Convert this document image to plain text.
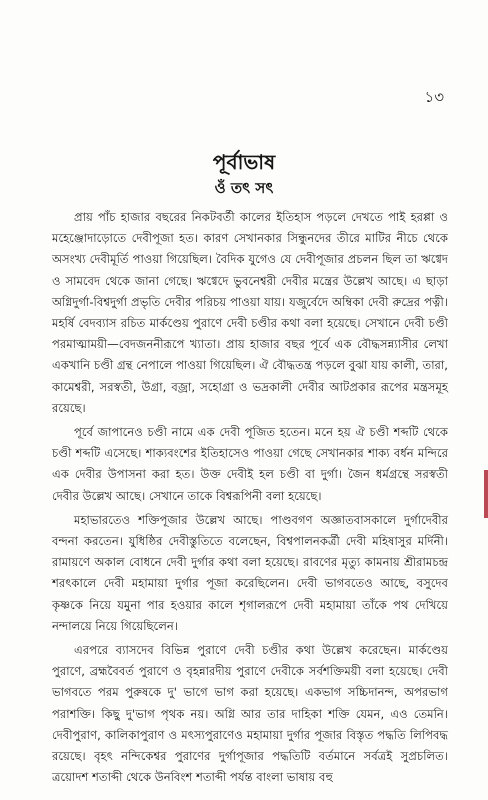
১৩
পূর্বাভাষ
ওঁ তৎ সৎ

প্রায় পাঁচ হাজার বছরের নিকটবর্তী কালের ইতিহাস পড়লে দেখতে পাই হরপ্পা ও মহেঞ্জোদাড়োতে দেবীপূজা হত। কারণ সেখানকার সিন্ধুনদের তীরে মাটির নীচে থেকে অসংখ্য দেবীমূর্তি পাওয়া গিয়েছিল। বৈদিক যুগেও যে দেবীপূজার প্রচলন ছিল তা ঋগ্বেদ ও সামবেদ থেকে জানা গেছে। ঋগ্বেদে ভুবনেশ্বরী দেবীর মন্ত্রের উল্লেখ আছে। এ ছাড়া অগ্নিদুর্গা-বিশ্বদুর্গা প্রভৃতি দেবীর পরিচয় পাওয়া যায়। যজুর্বেদে অম্বিকা দেবী রুদ্রের পত্নী। মহর্ষি বেদব্যাস রচিত মার্কণ্ডেয় পুরাণে দেবী চণ্ডীর কথা বলা হয়েছে। সেখানে দেবী চণ্ডী পরমাত্মাময়ী—বেদজননীরূপে খ্যাতা। প্রায় হাজার বছর পূর্বে এক বৌদ্ধসন্ন্যাসীর লেখা একখানি চণ্ডী গ্রন্থ নেপালে পাওয়া গিয়েছিল। ঐ বৌদ্ধতন্ত্র পড়লে বুঝা যায় কালী, তারা, কামেশ্বরী, সরস্বতী, উগ্রা, বজ্রা, সহোগ্রা ও ভদ্রকালী দেবীর আটপ্রকার রূপের মন্ত্রসমূহ রয়েছে।

পূর্বে জাপানেও চণ্ডী নামে এক দেবী পূজিত হতেন। মনে হয় ঐ চণ্ডী শব্দটি থেকে চণ্ডী শব্দটি এসেছে। শাক্যবংশের ইতিহাসেও পাওয়া গেছে সেখানকার শাক্য বর্ধন মন্দিরে এক দেবীর উপাসনা করা হত। উক্ত দেবীই হল চণ্ডী বা দুর্গা। জৈন ধর্মগ্রন্থে সরস্বতী দেবীর উল্লেখ আছে। সেখানে তাকে বিশ্বরূপিনী বলা হয়েছে।

মহাভারতেও শক্তিপূজার উল্লেখ আছে। পাণ্ডবগণ অজ্ঞাতবাসকালে দুর্গাদেবীর বন্দনা করতেন। যুধিষ্ঠির দেবীস্তুতিতে বলেছেন, বিশ্বপালনকর্ত্রী দেবী মহিষাসুর মর্দিনী। রামায়ণে অকাল বোধনে দেবী দুর্গার কথা বলা হয়েছে। রাবণের মৃত্যু কামনায় শ্রীরামচন্দ্র শরৎকালে দেবী মহামায়া দুর্গার পূজা করেছিলেন। দেবী ভাগবতেও আছে, বসুদেব কৃষ্ণকে নিয়ে যমুনা পার হওয়ার কালে শৃগালরূপে দেবী মহামায়া তাঁকে পথ দেখিয়ে নন্দালয়ে নিয়ে গিয়েছিলেন।

এরপরে ব্যাসদেব বিভিন্ন পুরাণে দেবী চণ্ডীর কথা উল্লেখ করেছেন। মার্কণ্ডেয় পুরাণে, ব্রহ্মবৈবর্ত পুরাণে ও বৃহন্নারদীয় পুরাণে দেবীকে সর্বশক্তিময়ী বলা হয়েছে। দেবী ভাগবতে পরম পুরুষকে দু' ভাগে ভাগ করা হয়েছে। একভাগ সচ্চিদানন্দ, অপরভাগ পরাশক্তি। কিছু দু'ভাগ পৃথক নয়। অগ্নি আর তার দাহিকা শক্তি যেমন, এও তেমনি। দেবীপুরাণ, কালিকাপুরাণ ও মৎস্যপুরাণেও মহামায়া দুর্গার পূজার বিস্তৃত পদ্ধতি লিপিবদ্ধ রয়েছে। বৃহৎ নন্দিকেশ্বর পুরাণের দুর্গাপূজার পদ্ধতিটি বর্তমানে সর্বত্রই সুপ্রচলিত। ত্রয়োদশ শতাব্দী থেকে উনবিংশ শতাব্দী পর্যন্ত বাংলা ভাষায় বহু
